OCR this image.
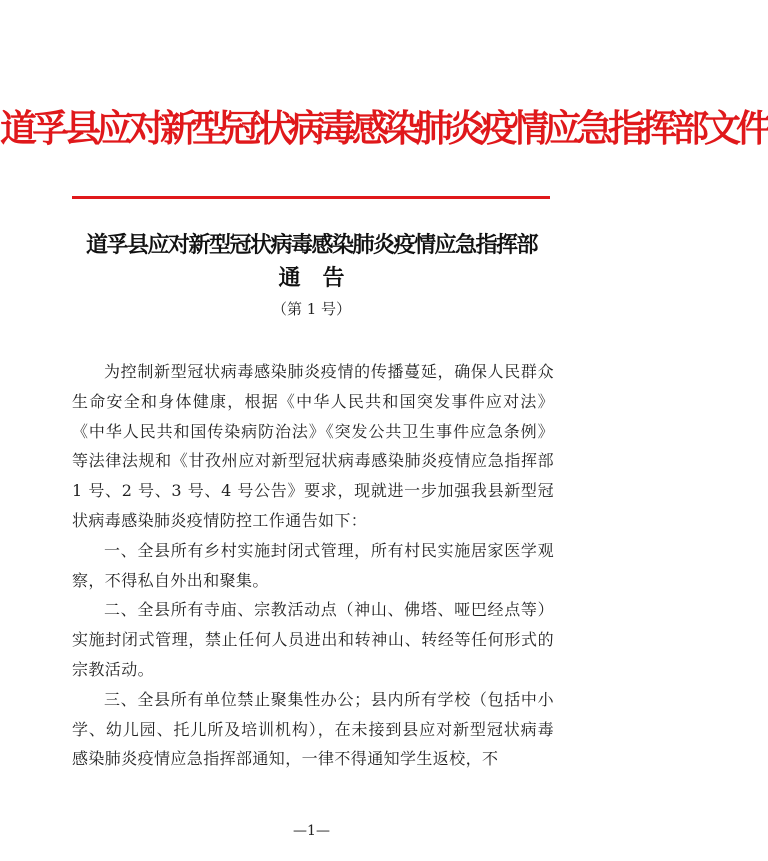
道孚县应对新型冠状病毒感染肺炎疫情应急指挥部文件
道孚县应对新型冠状病毒感染肺炎疫情应急指挥部
通　告
（第 1 号）

为控制新型冠状病毒感染肺炎疫情的传播蔓延，确保人民群众生命安全和身体健康，根据《中华人民共和国突发事件应对法》《中华人民共和国传染病防治法》《突发公共卫生事件应急条例》等法律法规和《甘孜州应对新型冠状病毒感染肺炎疫情应急指挥部 1 号、2 号、3 号、4 号公告》要求，现就进一步加强我县新型冠状病毒感染肺炎疫情防控工作通告如下：

一、全县所有乡村实施封闭式管理，所有村民实施居家医学观察，不得私自外出和聚集。

二、全县所有寺庙、宗教活动点（神山、佛塔、哑巴经点等）实施封闭式管理，禁止任何人员进出和转神山、转经等任何形式的宗教活动。

三、全县所有单位禁止聚集性办公；县内所有学校（包括中小学、幼儿园、托儿所及培训机构），在未接到县应对新型冠状病毒感染肺炎疫情应急指挥部通知，一律不得通知学生返校，不

—1—
